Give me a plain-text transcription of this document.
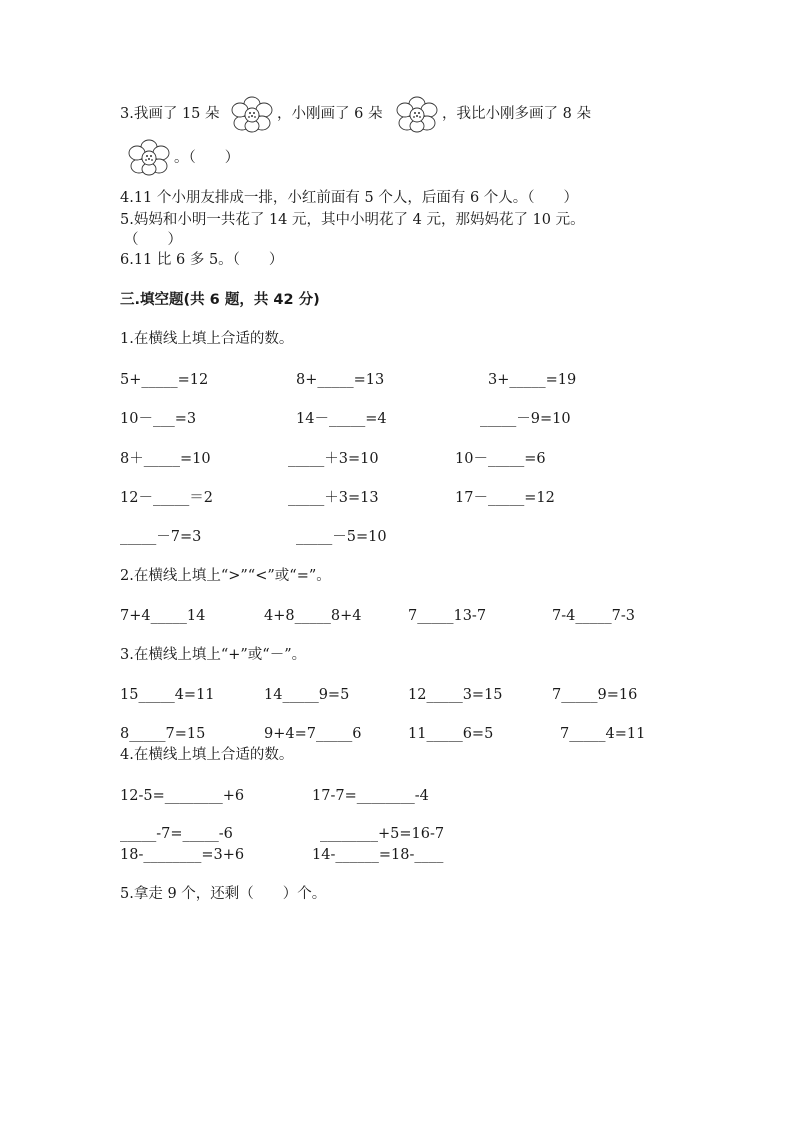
3.我画了 15 朵	，小刚画了 6 朵	，我比小刚多画了 8 朵
。（　　）
4.11 个小朋友排成一排，小红前面有 5 个人，后面有 6 个人。（　　）
5.妈妈和小明一共花了 14 元，其中小明花了 4 元，那妈妈花了 10 元。
（　　）
6.11 比 6 多 5。（　　）
三.填空题(共 6 题，共 42 分)
1.在横线上填上合适的数。
5+_____=12	8+_____=13	3+_____=19
10－___=3	14－_____=4	_____－9=10
8＋_____=10	_____＋3=10	10－_____=6
12－_____＝2	_____＋3=13	17－_____=12
_____－7=3	_____－5=10
2.在横线上填上“>”“<”或“=”。
7+4_____14	4+8_____8+4	7_____13-7	7-4_____7-3
3.在横线上填上“+”或“－”。
15_____4=11	14_____9=5	12_____3=15	7_____9=16
8_____7=15	9+4=7_____6	11_____6=5	7_____4=11
4.在横线上填上合适的数。
12-5=________+6	17-7=________-4
_____-7=_____-6	________+5=16-7
18-________=3+6	14-______=18-____
5.拿走 9 个，还剩（　　）个。
